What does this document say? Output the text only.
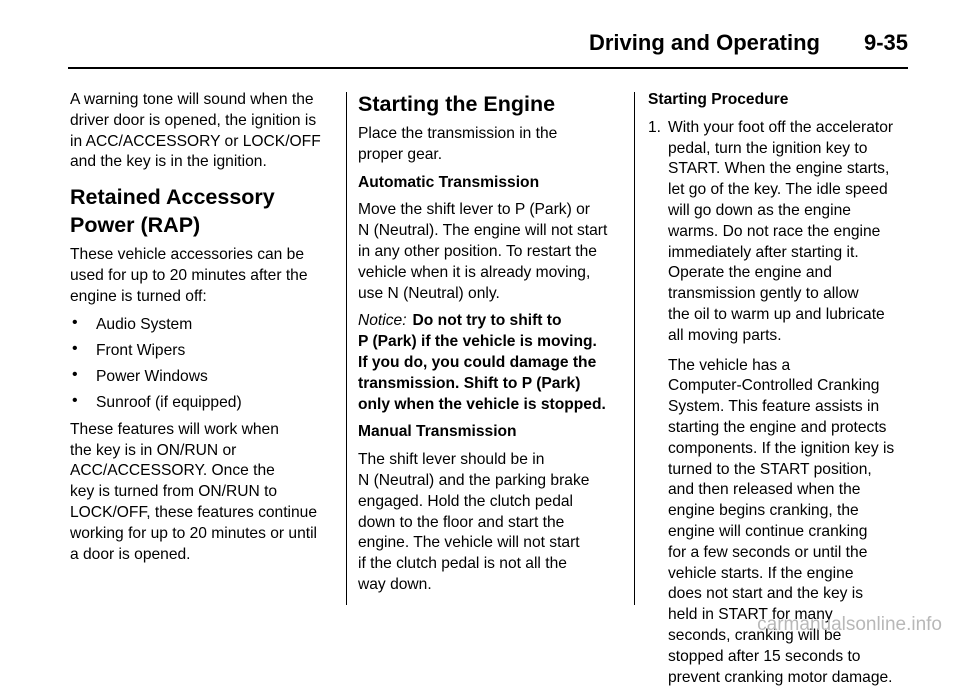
Driving and Operating 9-35

A warning tone will sound when the
driver door is opened, the ignition is
in ACC/ACCESSORY or LOCK/OFF
and the key is in the ignition.

Retained Accessory
Power (RAP)

These vehicle accessories can be
used for up to 20 minutes after the
engine is turned off:

• Audio System
• Front Wipers
• Power Windows
• Sunroof (if equipped)

These features will work when
the key is in ON/RUN or
ACC/ACCESSORY. Once the
key is turned from ON/RUN to
LOCK/OFF, these features continue
working for up to 20 minutes or until
a door is opened.

Starting the Engine

Place the transmission in the
proper gear.

Automatic Transmission

Move the shift lever to P (Park) or
N (Neutral). The engine will not start
in any other position. To restart the
vehicle when it is already moving,
use N (Neutral) only.

Notice: Do not try to shift to
P (Park) if the vehicle is moving.
If you do, you could damage the
transmission. Shift to P (Park)
only when the vehicle is stopped.

Manual Transmission

The shift lever should be in
N (Neutral) and the parking brake
engaged. Hold the clutch pedal
down to the floor and start the
engine. The vehicle will not start
if the clutch pedal is not all the
way down.

Starting Procedure

1. With your foot off the accelerator
pedal, turn the ignition key to
START. When the engine starts,
let go of the key. The idle speed
will go down as the engine
warms. Do not race the engine
immediately after starting it.
Operate the engine and
transmission gently to allow
the oil to warm up and lubricate
all moving parts.

The vehicle has a
Computer-Controlled Cranking
System. This feature assists in
starting the engine and protects
components. If the ignition key is
turned to the START position,
and then released when the
engine begins cranking, the
engine will continue cranking
for a few seconds or until the
vehicle starts. If the engine
does not start and the key is
held in START for many
seconds, cranking will be
stopped after 15 seconds to
prevent cranking motor damage.

carmanualsonline.info
